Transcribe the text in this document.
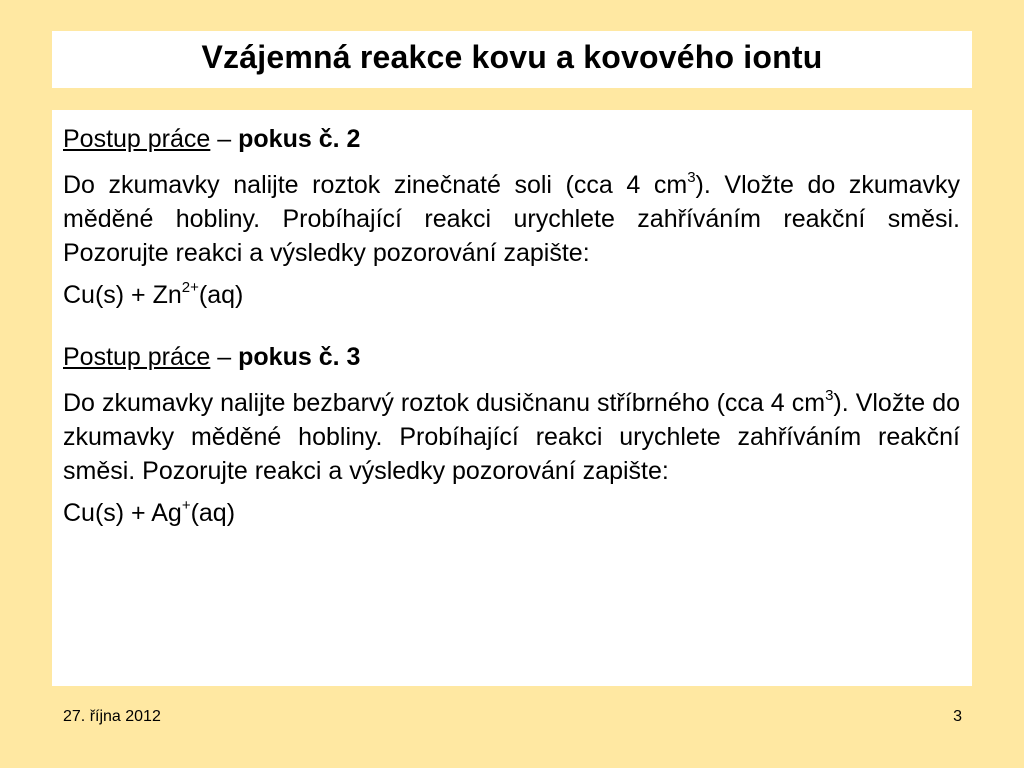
Vzájemná reakce kovu a kovového iontu
Postup práce – pokus č. 2
Do zkumavky nalijte roztok zinečnaté soli (cca 4 $cm^3$). Vložte do zkumavky měděné hobliny. Probíhající reakci urychlete zahříváním reakční směsi. Pozorujte reakci a výsledky pozorování zapište:
$Cu(s) + Zn^{2+}(aq)$
Postup práce – pokus č. 3
Do zkumavky nalijte bezbarvý roztok dusičnanu stříbrného (cca 4 $cm^3$). Vložte do zkumavky měděné hobliny. Probíhající reakci urychlete zahříváním reakční směsi. Pozorujte reakci a výsledky pozorování zapište:
Cu(s) + Ag+(aq)
27. října 2012	3
